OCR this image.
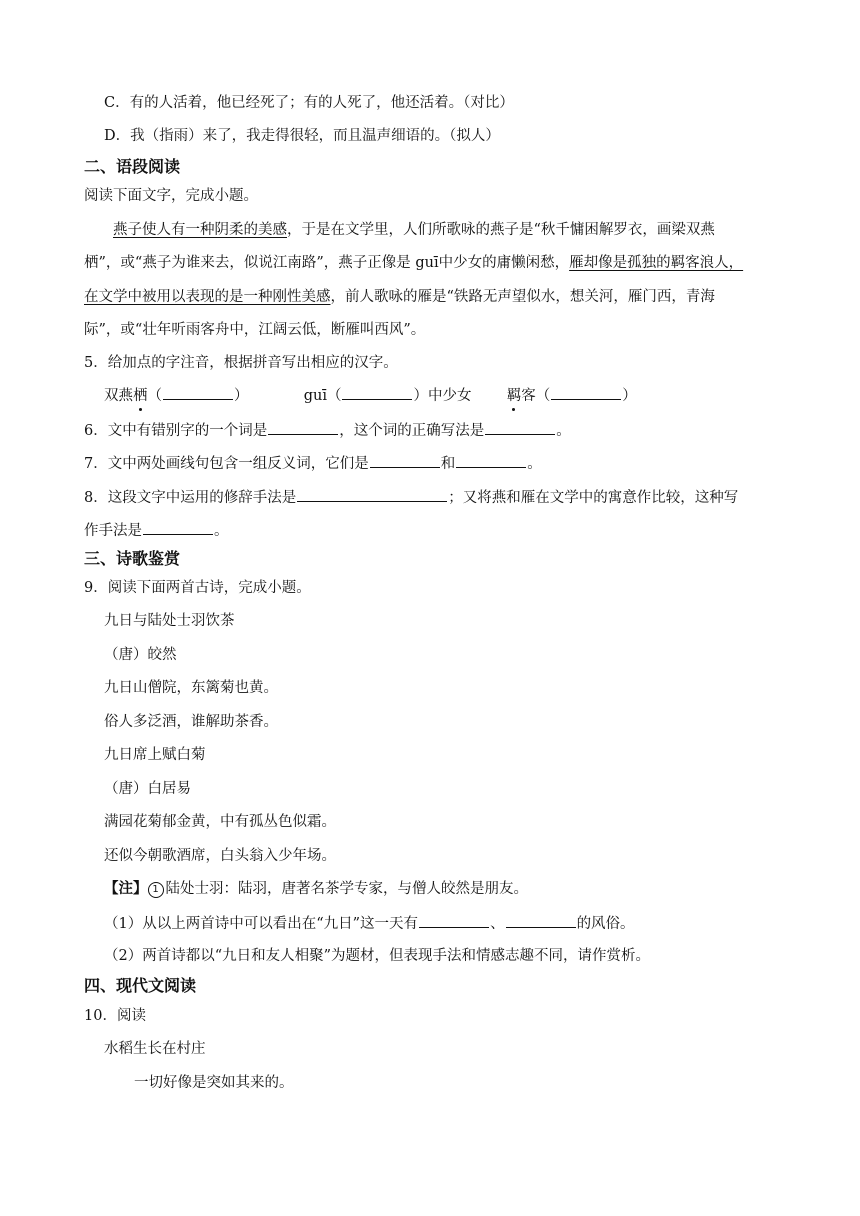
C．有的人活着，他已经死了；有的人死了，他还活着。（对比）
D．我（指雨）来了，我走得很轻，而且温声细语的。（拟人）
二、语段阅读
阅读下面文字，完成小题。
燕子使人有一种阴柔的美感，于是在文学里，人们所歌咏的燕子是“秋千慵困解罗衣，画梁双燕
栖”，或“燕子为谁来去，似说江南路”，燕子正像是 guī中少女的庸懒闲愁，雁却像是孤独的羁客浪人，
在文学中被用以表现的是一种刚性美感，前人歌咏的雁是“铁路无声望似水，想关河，雁门西，青海
际”，或“壮年听雨客舟中，江阔云低，断雁叫西风”。
5．给加点的字注音，根据拼音写出相应的汉字。
双燕栖（	）	guī（	）中少女 羁客（	）
6．文中有错别字的一个词是	，这个词的正确写法是	。
7．文中两处画线句包含一组反义词，它们是	和	。
8．这段文字中运用的修辞手法是	；又将燕和雁在文学中的寓意作比较，这种写
作手法是	。
三、诗歌鉴赏
9．阅读下面两首古诗，完成小题。
九日与陆处士羽饮茶
（唐）皎然
九日山僧院，东篱菊也黄。
俗人多泛酒，谁解助茶香。
九日席上赋白菊
（唐）白居易
满园花菊郁金黄，中有孤丛色似霜。
还似今朝歌酒席，白头翁入少年场。
【注】 1 陆处士羽：陆羽，唐著名茶学专家，与僧人皎然是朋友。
（1）从以上两首诗中可以看出在“九日”这一天有	、	的风俗。
（2）两首诗都以“九日和友人相聚”为题材，但表现手法和情感志趣不同，请作赏析。
四、现代文阅读
10．阅读
水稻生长在村庄
一切好像是突如其来的。
